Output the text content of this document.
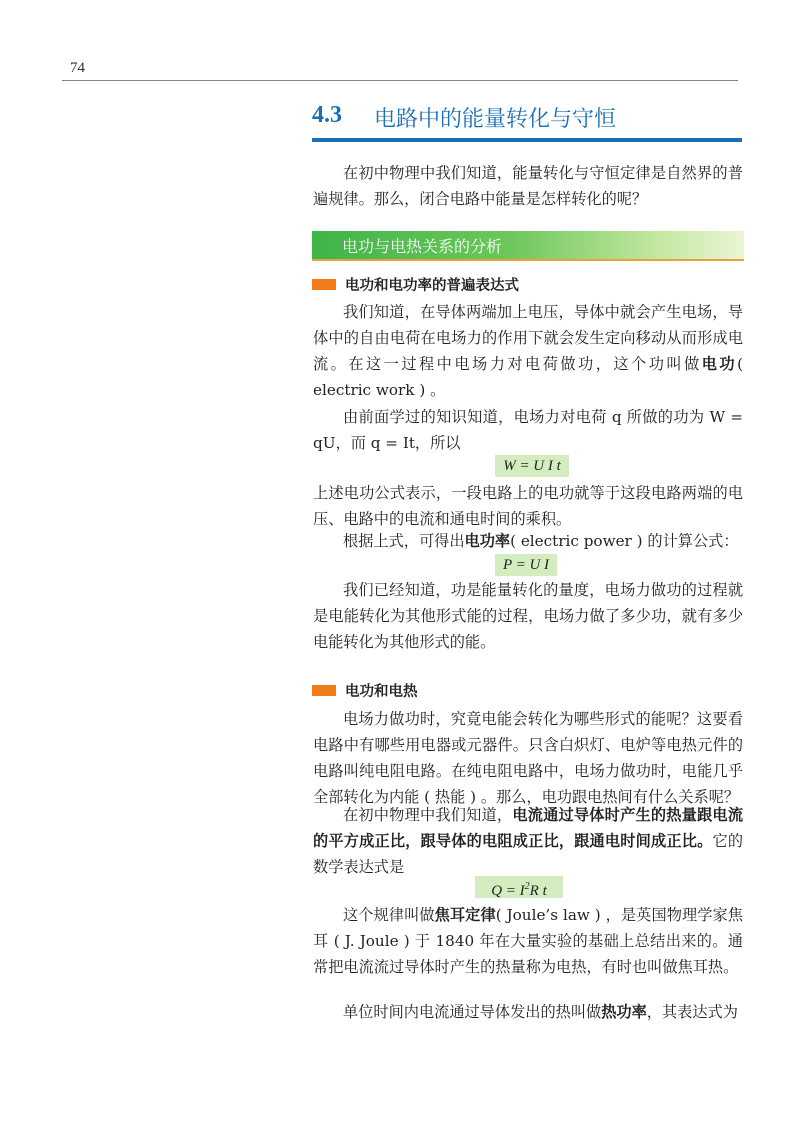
74
4.3 电路中的能量转化与守恒
在初中物理中我们知道，能量转化与守恒定律是自然界的普遍规律。那么，闭合电路中能量是怎样转化的呢？
电功与电热关系的分析
电功和电功率的普遍表达式
我们知道，在导体两端加上电压，导体中就会产生电场，导体中的自由电荷在电场力的作用下就会发生定向移动从而形成电流。在这一过程中电场力对电荷做功，这个功叫做电功( electric work ) 。
由前面学过的知识知道，电场力对电荷 q 所做的功为 W = qU，而 q = It，所以
W = U I t
上述电功公式表示，一段电路上的电功就等于这段电路两端的电压、电路中的电流和通电时间的乘积。
根据上式，可得出电功率( electric power ) 的计算公式：
P = U I
我们已经知道，功是能量转化的量度，电场力做功的过程就是电能转化为其他形式能的过程，电场力做了多少功，就有多少电能转化为其他形式的能。
电功和电热
电场力做功时，究竟电能会转化为哪些形式的能呢？这要看电路中有哪些用电器或元器件。只含白炽灯、电炉等电热元件的电路叫纯电阻电路。在纯电阻电路中，电场力做功时，电能几乎全部转化为内能 ( 热能 ) 。那么，电功跟电热间有什么关系呢？
在初中物理中我们知道，电流通过导体时产生的热量跟电流的平方成正比，跟导体的电阻成正比，跟通电时间成正比。它的数学表达式是
$Q = I^2R$ t
这个规律叫做焦耳定律( Joule’s law ) ，是英国物理学家焦耳 ( J. Joule ) 于 1840 年在大量实验的基础上总结出来的。通常把电流流过导体时产生的热量称为电热，有时也叫做焦耳热。
单位时间内电流通过导体发出的热叫做热功率，其表达式为
